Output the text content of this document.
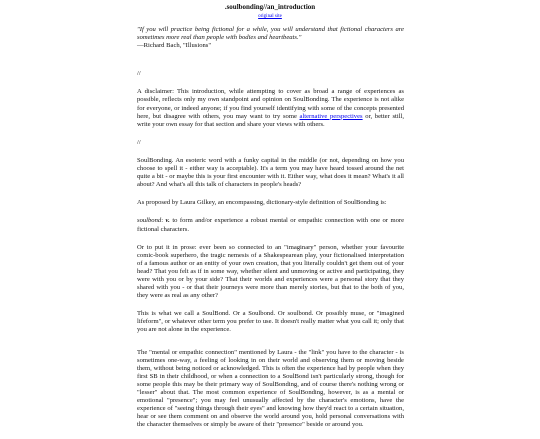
.soulbonding//an_introduction
original site

"If you will practice being fictional for a while, you will understand that fictional characters are sometimes more real than people with bodies and heartbeats."
—Richard Bach, "Illusions"

//

A disclaimer: This introduction, while attempting to cover as broad a range of experiences as possible, reflects only my own standpoint and opinion on SoulBonding. The experience is not alike for everyone, or indeed anyone; if you find yourself identifying with some of the concepts presented here, but disagree with others, you may want to try some alternative perspectives or, better still, write your own essay for that section and share your views with others.

//

SoulBonding. An esoteric word with a funky capital in the middle (or not, depending on how you choose to spell it - either way is acceptable). It's a term you may have heard tossed around the net quite a bit - or maybe this is your first encounter with it. Either way, what does it mean? What's it all about? And what's all this talk of characters in people's heads?

As proposed by Laura Gilkey, an encompassing, dictionary-style definition of SoulBonding is:

soulbond: v. to form and/or experience a robust mental or empathic connection with one or more fictional characters.

Or to put it in prose: ever been so connected to an "imaginary" person, whether your favourite comic-book superhero, the tragic nemesis of a Shakespearean play, your fictionalised interpretation of a famous author or an entity of your own creation, that you literally couldn't get them out of your head? That you felt as if in some way, whether silent and unmoving or active and participating, they were with you or by your side? That their worlds and experiences were a personal story that they shared with you - or that their journeys were more than merely stories, but that to the both of you, they were as real as any other?

This is what we call a SoulBond. Or a Soulbond. Or soulbond. Or possibly muse, or "imagined lifeform", or whatever other term you prefer to use. It doesn't really matter what you call it; only that you are not alone in the experience.

The "mental or empathic connection" mentioned by Laura - the "link" you have to the character - is sometimes one-way, a feeling of looking in on their world and observing them or moving beside them, without being noticed or acknowledged. This is often the experience had by people when they first SB in their childhood, or when a connection to a SoulBond isn't particularly strong, though for some people this may be their primary way of SoulBonding, and of course there's nothing wrong or "lesser" about that. The most common experience of SoulBonding, however, is as a mental or emotional "presence"; you may feel unusually affected by the character's emotions, have the experience of "seeing things through their eyes" and knowing how they'd react to a certain situation, hear or see them comment on and observe the world around you, hold personal conversations with the character themselves or simply be aware of their "presence" beside or around you.
